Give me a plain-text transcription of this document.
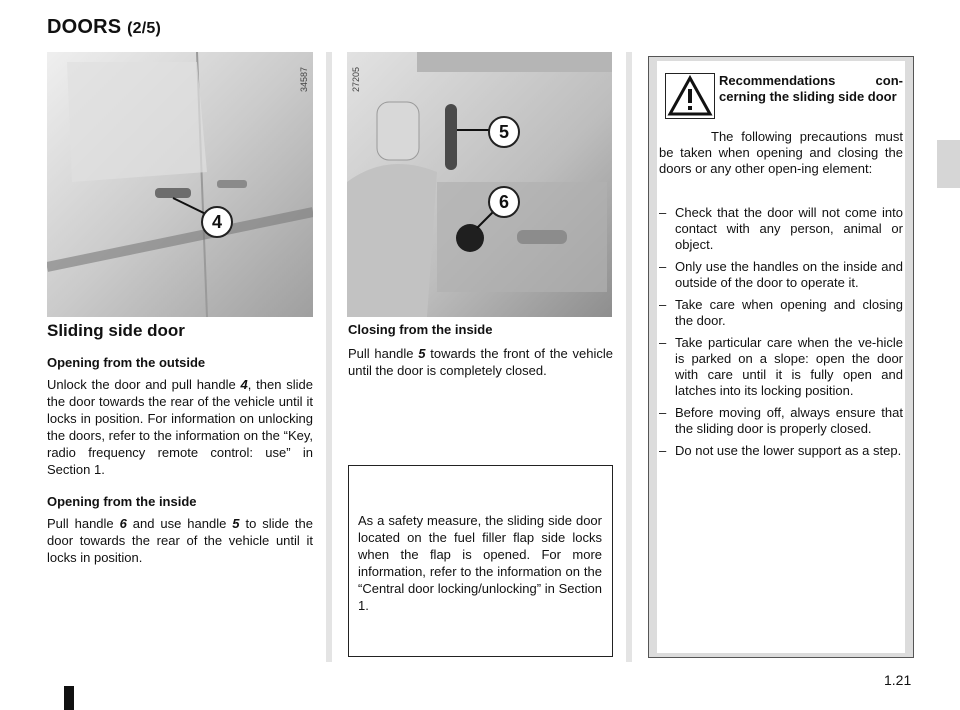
DOORS (2/5)
4
34587
5
6
27205
Sliding side door
Opening from the outside
Unlock the door and pull handle 4, then slide the door towards the rear of the vehicle until it locks in position. For information on unlocking the doors, refer to the information on the “Key, radio frequency remote control: use” in Section 1.
Opening from the inside
Pull handle 6 and use handle 5 to slide the door towards the rear of the vehicle until it locks in position.
Closing from the inside
Pull handle 5 towards the front of the vehicle until the door is completely closed.
As a safety measure, the sliding side door located on the fuel filler flap side locks when the flap is opened. For more information, refer to the information on the “Central door locking/unlocking” in Section 1.
Recommendations con-cerning the sliding side door
The following precautions must be taken when opening and closing the doors or any other open-ing element:
– Check that the door will not come into contact with any person, animal or object.
– Only use the handles on the inside and outside of the door to operate it.
– Take care when opening and closing the door.
– Take particular care when the ve-hicle is parked on a slope: open the door with care until it is fully open and latches into its locking position.
– Before moving off, always ensure that the sliding door is properly closed.
– Do not use the lower support as a step.
1.21
